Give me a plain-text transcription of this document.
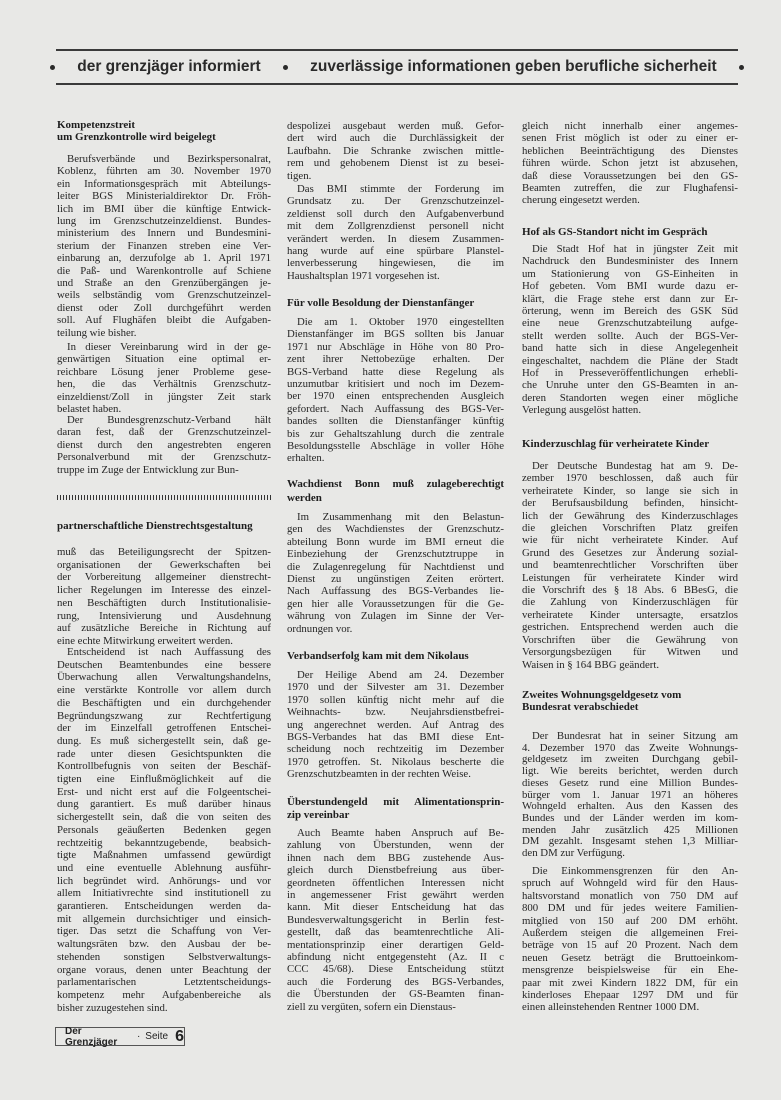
der grenzjäger informiert	zuverlässige informationen geben berufliche sicherheit
Kompetenzstreit
um Grenzkontrolle wird beigelegt
Berufsverbände und Bezirkspersonalrat,
Koblenz, führten am 30. November 1970
ein Informationsgespräch mit Abteilungs-
leiter BGS Ministerialdirektor Dr. Fröh-
lich im BMI über die künftige Entwick-
lung im Grenzschutzeinzeldienst. Bundes-
ministerium des Innern und Bundesmini-
sterium der Finanzen streben eine Ver-
einbarung an, derzufolge ab 1. April 1971
die Paß- und Warenkontrolle auf Schiene
und Straße an den Grenzübergängen je-
weils selbständig vom Grenzschutzeinzel-
dienst oder Zoll durchgeführt werden
soll. Auf Flughäfen bleibt die Aufgaben-
teilung wie bisher.
In dieser Vereinbarung wird in der ge-
genwärtigen Situation eine optimal er-
reichbare Lösung jener Probleme gese-
hen, die das Verhältnis Grenzschutz-
einzeldienst/Zoll in jüngster Zeit stark
belastet haben.
Der Bundesgrenzschutz-Verband hält
daran fest, daß der Grenzschutzeinzel-
dienst durch den angestrebten engeren
Personalverbund mit der Grenzschutz-
truppe im Zuge der Entwicklung zur Bun-
partnerschaftliche Dienstrechtsgestaltung
muß das Beteiligungsrecht der Spitzen-
organisationen der Gewerkschaften bei
der Vorbereitung allgemeiner dienstrecht-
licher Regelungen im Interesse des einzel-
nen Beschäftigten durch Institutionalisie-
rung, Intensivierung und Ausdehnung
auf zusätzliche Bereiche in Richtung auf
eine echte Mitwirkung erweitert werden.
Entscheidend ist nach Auffassung des
Deutschen Beamtenbundes eine bessere
Überwachung allen Verwaltungshandelns,
eine verstärkte Kontrolle vor allem durch
die Beschäftigten und ein durchgehender
Begründungszwang zur Rechtfertigung
der im Einzelfall getroffenen Entschei-
dung. Es muß sichergestellt sein, daß ge-
rade unter diesen Gesichtspunkten die
Kontrollbefugnis von seiten der Beschäf-
tigten eine Einflußmöglichkeit auf die
Erst- und nicht erst auf die Folgeentschei-
dung garantiert. Es muß darüber hinaus
sichergestellt sein, daß die von seiten des
Personals geäußerten Bedenken gegen
rechtzeitig bekanntzugebende, beabsich-
tigte Maßnahmen umfassend gewürdigt
und eine eventuelle Ablehnung ausführ-
lich begründet wird. Anhörungs- und vor
allem Initiativrechte sind institutionell zu
garantieren. Entscheidungen werden da-
mit allgemein durchsichtiger und einsich-
tiger. Das setzt die Schaffung von Ver-
waltungsräten bzw. den Ausbau der be-
stehenden sonstigen Selbstverwaltungs-
organe voraus, denen unter Beachtung der
parlamentarischen Letztentscheidungs-
kompetenz mehr Aufgabenbereiche als
bisher zuzugestehen sind.
despolizei ausgebaut werden muß. Gefor-
dert wird auch die Durchlässigkeit der
Laufbahn. Die Schranke zwischen mittle-
rem und gehobenem Dienst ist zu besei-
tigen.
Das BMI stimmte der Forderung im
Grundsatz zu. Der Grenzschutzeinzel-
zeldienst soll durch den Aufgabenverbund
mit dem Zollgrenzdienst personell nicht
verändert werden. In diesem Zusammen-
hang wurde auf eine spürbare Planstel-
lenverbesserung hingewiesen, die im
Haushaltsplan 1971 vorgesehen ist.
Für volle Besoldung der Dienstanfänger
Die am 1. Oktober 1970 eingestellten
Dienstanfänger im BGS sollten bis Januar
1971 nur Abschläge in Höhe von 80 Pro-
zent ihrer Nettobezüge erhalten. Der
BGS-Verband hatte diese Regelung als
unzumutbar kritisiert und noch im Dezem-
ber 1970 einen entsprechenden Ausgleich
gefordert. Nach Auffassung des BGS-Ver-
bandes sollten die Dienstanfänger künftig
bis zur Gehaltszahlung durch die zentrale
Besoldungsstelle Abschläge in voller Höhe
erhalten.
Wachdienst Bonn muß zulageberechtigt
werden
Im Zusammenhang mit den Belastun-
gen des Wachdienstes der Grenzschutz-
abteilung Bonn wurde im BMI erneut die
Einbeziehung der Grenzschutztruppe in
die Zulagenregelung für Nachtdienst und
Dienst zu ungünstigen Zeiten erörtert.
Nach Auffassung des BGS-Verbandes lie-
gen hier alle Voraussetzungen für die Ge-
währung von Zulagen im Sinne der Ver-
ordnungen vor.
Verbandserfolg kam mit dem Nikolaus
Der Heilige Abend am 24. Dezember
1970 und der Silvester am 31. Dezember
1970 sollen künftig nicht mehr auf die
Weihnachts- bzw. Neujahrsdienstbefrei-
ung angerechnet werden. Auf Antrag des
BGS-Verbandes hat das BMI diese Ent-
scheidung noch rechtzeitig im Dezember
1970 getroffen. St. Nikolaus bescherte die
Grenzschutzbeamten in der rechten Weise.
Überstundengeld mit Alimentationsprin-
zip vereinbar
Auch Beamte haben Anspruch auf Be-
zahlung von Überstunden, wenn der
ihnen nach dem BBG zustehende Aus-
gleich durch Dienstbefreiung aus über-
geordneten öffentlichen Interessen nicht
in angemessener Frist gewährt werden
kann. Mit dieser Entscheidung hat das
Bundesverwaltungsgericht in Berlin fest-
gestellt, daß das beamtenrechtliche Ali-
mentationsprinzip einer derartigen Geld-
abfindung nicht entgegensteht (Az. II c
CCC 45/68). Diese Entscheidung stützt
auch die Forderung des BGS-Verbandes,
die Überstunden der GS-Beamten finan-
ziell zu vergüten, sofern ein Dienstaus-
gleich nicht innerhalb einer angemes-
senen Frist möglich ist oder zu einer er-
heblichen Beeinträchtigung des Dienstes
führen würde. Schon jetzt ist abzusehen,
daß diese Voraussetzungen bei den GS-
Beamten zutreffen, die zur Flughafensi-
cherung eingesetzt werden.
Hof als GS-Standort nicht im Gespräch
Die Stadt Hof hat in jüngster Zeit mit
Nachdruck den Bundesminister des Innern
um Stationierung von GS-Einheiten in
Hof gebeten. Vom BMI wurde dazu er-
klärt, die Frage stehe erst dann zur Er-
örterung, wenn im Bereich des GSK Süd
eine neue Grenzschutzabteilung aufge-
stellt werden sollte. Auch der BGS-Ver-
band hatte sich in diese Angelegenheit
eingeschaltet, nachdem die Pläne der Stadt
Hof in Presseveröffentlichungen erhebli-
che Unruhe unter den GS-Beamten in an-
deren Standorten wegen einer mögliche
Verlegung ausgelöst hatten.
Kinderzuschlag für verheiratete Kinder
Der Deutsche Bundestag hat am 9. De-
zember 1970 beschlossen, daß auch für
verheiratete Kinder, so lange sie sich in
der Berufsausbildung befinden, hinsicht-
lich der Gewährung des Kinderzuschlages
die gleichen Vorschriften Platz greifen
wie für nicht verheiratete Kinder. Auf
Grund des Gesetzes zur Änderung sozial-
und beamtenrechtlicher Vorschriften über
Leistungen für verheiratete Kinder wird
die Vorschrift des § 18 Abs. 6 BBesG, die
die Zahlung von Kinderzuschlägen für
verheiratete Kinder untersagte, ersatzlos
gestrichen. Entsprechend werden auch die
Vorschriften über die Gewährung von
Versorgungsbezügen für Witwen und
Waisen in § 164 BBG geändert.
Zweites Wohnungsgeldgesetz vom
Bundesrat verabschiedet
Der Bundesrat hat in seiner Sitzung am
4. Dezember 1970 das Zweite Wohnungs-
geldgesetz im zweiten Durchgang gebil-
ligt. Wie bereits berichtet, werden durch
dieses Gesetz rund eine Million Bundes-
bürger vom 1. Januar 1971 an höheres
Wohngeld erhalten. Aus den Kassen des
Bundes und der Länder werden im kom-
menden Jahr zusätzlich 425 Millionen
DM gezahlt. Insgesamt stehen 1,3 Milliar-
den DM zur Verfügung.
Die Einkommensgrenzen für den An-
spruch auf Wohngeld wird für den Haus-
haltsvorstand monatlich von 750 DM auf
800 DM und für jedes weitere Familien-
mitglied von 150 auf 200 DM erhöht.
Außerdem steigen die allgemeinen Frei-
beträge von 15 auf 20 Prozent. Nach dem
neuen Gesetz beträgt die Bruttoeinkom-
mensgrenze beispielsweise für ein Ehe-
paar mit zwei Kindern 1822 DM, für ein
kinderloses Ehepaar 1297 DM und für
einen alleinstehenden Rentner 1000 DM.
Der Grenzjäger	· Seite 6
